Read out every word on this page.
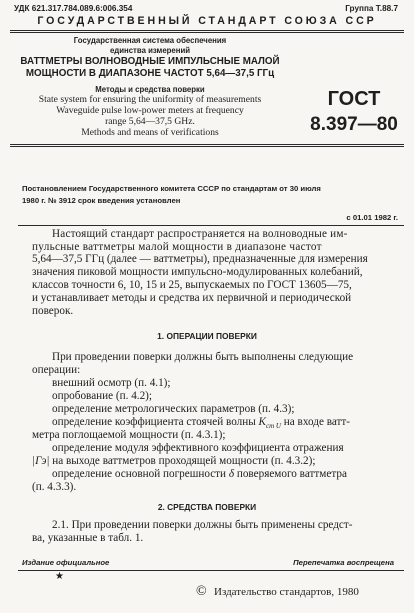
УДК 621.317.784.089.6:006.354	Группа Т.88.7
ГОСУДАРСТВЕННЫЙ СТАНДАРТ СОЮЗА ССР
Государственная система обеспечения
единства измерений
ВАТТМЕТРЫ ВОЛНОВОДНЫЕ ИМПУЛЬСНЫЕ МАЛОЙ
МОЩНОСТИ В ДИАПАЗОНЕ ЧАСТОТ 5,64—37,5 ГГц
Методы и средства поверки
State system for ensuring the uniformity of measurements
Waveguide pulse low-power meters at frequency
range 5,64—37,5 GHz.
Methods and means of verifications
ГОСТ
8.397—80
Постановлением Государственного комитета СССР по стандартам от 30 июля
1980 г. № 3912 срок введения установлен
с 01.01 1982 г.
Настоящий стандарт распространяется на волноводные им-
пульсные ваттметры малой мощности в диапазоне частот
5,64—37,5 ГГц (далее — ваттметры), предназначенные для измерения
значения пиковой мощности импульсно-модулированных колебаний,
классов точности 6, 10, 15 и 25, выпускаемых по ГОСТ 13605—75,
и устанавливает методы и средства их первичной и периодической
поверок.
1. ОПЕРАЦИИ ПОВЕРКИ
При проведении поверки должны быть выполнены следующие
операции:
внешний осмотр (п. 4.1);
опробование (п. 4.2);
определение метрологических параметров (п. 4.3);
определение коэффициента стоячей волны $K_{ст U}$ на входе ватт-
метра поглощаемой мощности (п. 4.3.1);
определение модуля эффективного коэффициента отражения
|Γэ| на выходе ваттметров проходящей мощности (п. 4.3.2);
определение основной погрешности δ поверяемого ваттметра
(п. 4.3.3).
2. СРЕДСТВА ПОВЕРКИ
2.1. При проведении поверки должны быть применены средст-
ва, указанные в табл. 1.
Издание официальное	Перепечатка воспрещена
★
© Издательство стандартов, 1980
